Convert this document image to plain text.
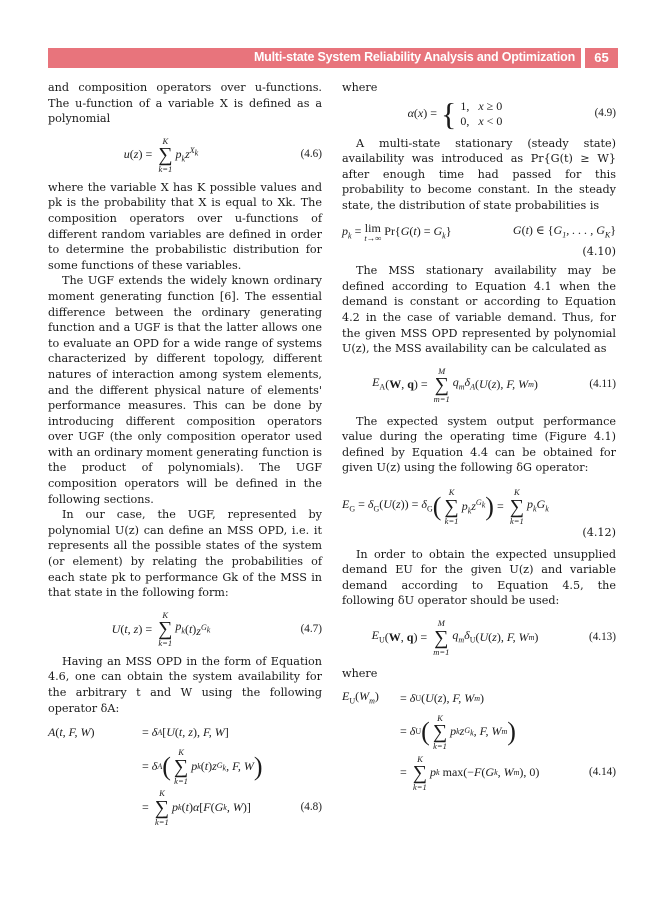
Multi-state System Reliability Analysis and Optimization	65

and composition operators over u-functions. The u-function of a variable X is defined as a polynomial

u ( z ) =
K
∑
k=1
$p_kz^{X_k}$	(4.6)

where the variable X has K possible values and pk is the probability that X is equal to Xk. The composition operators over u-functions of different random variables are defined in order to determine the probabilistic distribution for some functions of these variables.

The UGF extends the widely known ordinary moment generating function [6]. The essential difference between the ordinary generating function and a UGF is that the latter allows one to evaluate an OPD for a wide range of systems characterized by different topology, different natures of interaction among system elements, and the different physical nature of elements' performance measures. This can be done by introducing different composition operators over UGF (the only composition operator used with an ordinary moment generating function is the product of polynomials). The UGF composition operators will be defined in the following sections.

In our case, the UGF, represented by polynomial U(z) can define an MSS OPD, i.e. it represents all the possible states of the system (or element) by relating the probabilities of each state pk to performance Gk of the MSS in that state in the following form:

U ( t, z ) =
K
∑
k=1
$p_k$ ( t ) $z^{G_k}$	(4.7)

Having an MSS OPD in the form of Equation 4.6, one can obtain the system availability for the arbitrary t and W using the following operator δA:

A(t, F, W)	= δ A [ U ( t, z ) , F, W ]
= δ A ( K
∑
k=1
p k ( t ) z $G_k$ , F, W )
=
K
∑
k=1
p k ( t ) α [ F ( G k , W )]	(4.8)

where

α ( x ) = { 1,   x ≥ 0
0,   x < 0
(4.9)

A multi-state stationary (steady state) availability was introduced as Pr{G(t) ≥ W} after enough time had passed for this probability to become constant. In the steady state, the distribution of state probabilities is

$p_k = \lim$
t→∞ $Pr\{G(t) = G_k\}$	G(t) ∈ {$G_1$, . . . , $G_K$}
(4.10)

The MSS stationary availability may be defined according to Equation 4.1 when the demand is constant or according to Equation 4.2 in the case of variable demand. Thus, for the given MSS OPD represented by polynomial U(z), the MSS availability can be calculated as

$E_A$ (W, q) =
M
∑
m=1
$q_m\delta_A$ ( U ( z ) , F, W m )	(4.11)

The expected system output performance value during the operating time (Figure 4.1) defined by Equation 4.4 can be obtained for given U(z) using the following δG operator:

$E_G = \delta_G(U(z)) = \delta_G$ ( K
∑
k=1
$p_kz^{G_k}$ ) =
K
∑
k=1
$p_kG_k$
(4.12)

In order to obtain the expected unsupplied demand EU for the given U(z) and variable demand according to Equation 4.5, the following δU operator should be used:

$E_U$ (W, q) =
M
∑
m=1
$q_m\delta_U$ ( U ( z ) , F, W m )	(4.13)

where

$E_U(W_m)$	= δ U ( U ( z ) , F, W m )
= δ U ( K
∑
k=1
p k z $G_k$ , F, W m )
=
K
∑
k=1
p k max(− F ( G k , W m ), 0)	(4.14)
